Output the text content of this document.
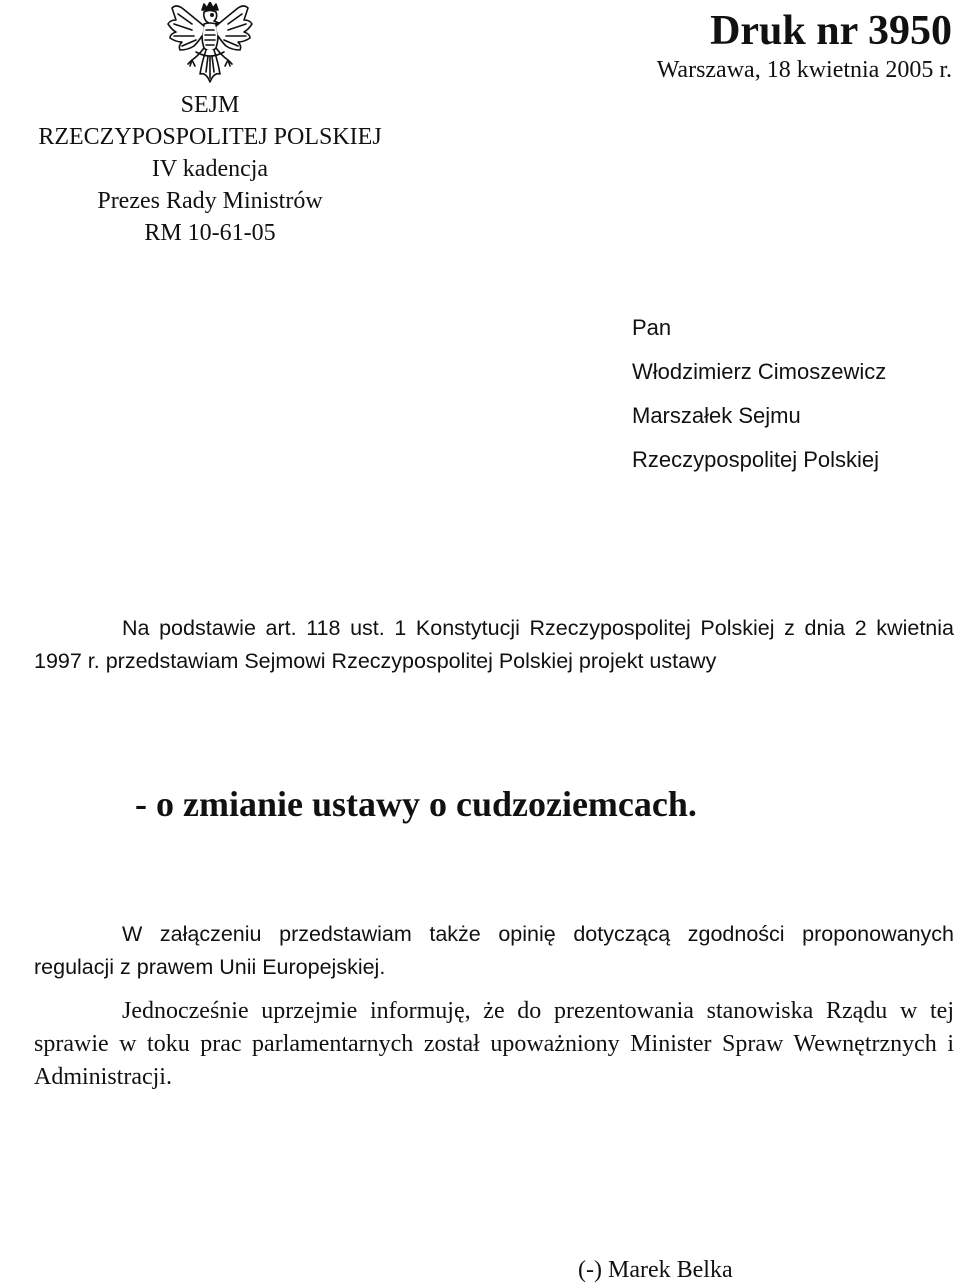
SEJM
RZECZYPOSPOLITEJ POLSKIEJ
IV kadencja
Prezes Rady Ministrów
RM 10-61-05
Druk nr 3950
Warszawa, 18 kwietnia 2005 r.
Pan
Włodzimierz Cimoszewicz
Marszałek Sejmu
Rzeczypospolitej Polskiej
Na podstawie art. 118 ust. 1 Konstytucji Rzeczypospolitej Polskiej z dnia 2 kwietnia 1997 r. przedstawiam Sejmowi Rzeczypospolitej Polskiej projekt ustawy
- o zmianie ustawy o cudzoziemcach.
W załączeniu przedstawiam także opinię dotyczącą zgodności proponowanych regulacji z prawem Unii Europejskiej.
Jednocześnie uprzejmie informuję, że do prezentowania stanowiska Rządu w tej sprawie w toku prac parlamentarnych został upoważniony Minister Spraw Wewnętrznych i Administracji.
(-) Marek Belka
